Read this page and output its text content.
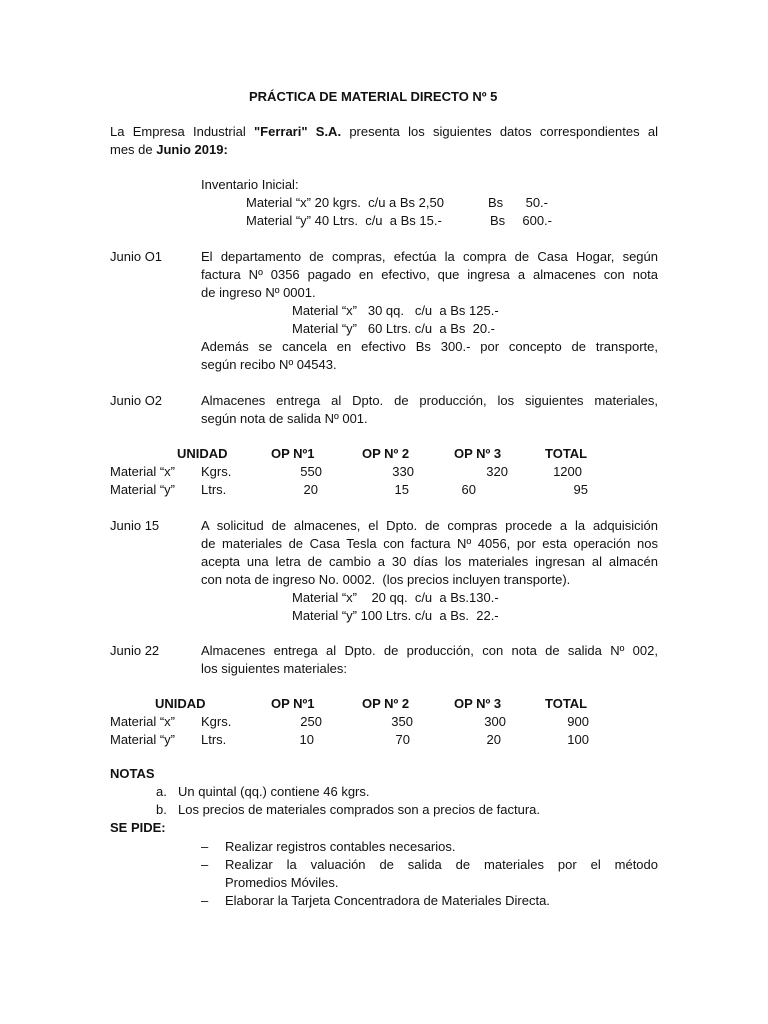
PRÁCTICA DE MATERIAL DIRECTO Nº 5
La Empresa Industrial "Ferrari" S.A. presenta los siguientes datos correspondientes al
mes de Junio 2019:
Inventario Inicial:
Material “x” 20 kgrs.  c/u a Bs 2,50	Bs	50.-
Material “y” 40 Ltrs.  c/u  a Bs 15.-	Bs	600.-
Junio O1	El departamento de compras, efectúa la compra de Casa Hogar, según
factura Nº 0356 pagado en efectivo, que ingresa a almacenes con nota
de ingreso Nº 0001.
Material “x”   30 qq.   c/u  a Bs 125.-
Material “y”   60 Ltrs. c/u  a Bs  20.-
Además se cancela en efectivo Bs 300.- por concepto de transporte,
según recibo Nº 04543.
Junio O2	Almacenes entrega al Dpto. de producción, los siguientes materiales,
según nota de salida Nº 001.
UNIDAD	OP Nº1	OP Nº 2	OP Nº 3	TOTAL
Material “x” Kgrs.	550	330	320	1200
Material “y” Ltrs.	20	15	60	95
Junio 15	A solicitud de almacenes, el Dpto. de compras procede a la adquisición
de materiales de Casa Tesla con factura Nº 4056, por esta operación nos
acepta una letra de cambio a 30 días los materiales ingresan al almacén
con nota de ingreso No. 0002.  (los precios incluyen transporte).
Material “x”    20 qq.  c/u  a Bs.130.-
Material “y” 100 Ltrs. c/u  a Bs.  22.-
Junio 22	Almacenes entrega al Dpto. de producción, con nota de salida Nº 002,
los siguientes materiales:
UNIDAD	OP Nº1	OP Nº 2	OP Nº 3	TOTAL
Material “x” Kgrs.	250	350	300	900
Material “y” Ltrs.	10	70	20	100
NOTAS
a. Un quintal (qq.) contiene 46 kgrs.
b. Los precios de materiales comprados son a precios de factura.
SE PIDE:
– Realizar registros contables necesarios.
– Realizar la valuación de salida de materiales por el método
Promedios Móviles.
– Elaborar la Tarjeta Concentradora de Materiales Directa.
